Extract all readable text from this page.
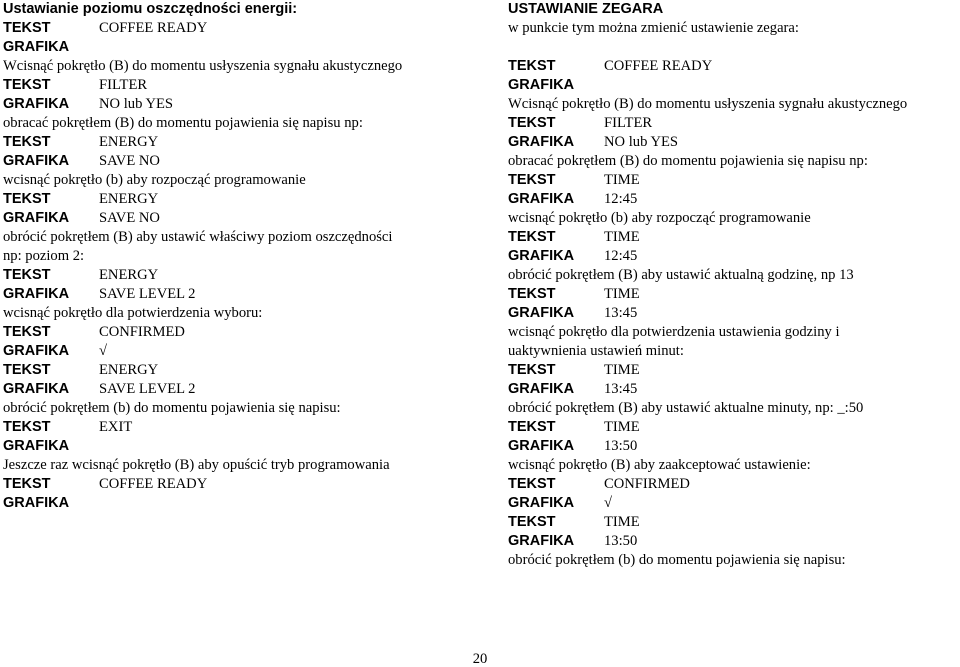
Ustawianie poziomu oszczędności energii:
TEKST	COFFEE READY
GRAFIKA
Wcisnąć pokrętło (B) do momentu usłyszenia sygnału akustycznego
TEKST	FILTER
GRAFIKA NO lub YES
obracać pokrętłem (B) do momentu pojawienia się napisu np:
TEKST	ENERGY
GRAFIKA SAVE NO
wcisnąć pokrętło (b) aby rozpocząć programowanie
TEKST	ENERGY
GRAFIKA SAVE NO
obrócić pokrętłem (B) aby ustawić właściwy poziom oszczędności
np: poziom 2:
TEKST	ENERGY
GRAFIKA SAVE LEVEL 2
wcisnąć pokrętło dla potwierdzenia wyboru:
TEKST	CONFIRMED
GRAFIKA √
TEKST	ENERGY
GRAFIKA SAVE LEVEL 2
obrócić pokrętłem (b) do momentu pojawienia się napisu:
TEKST	EXIT
GRAFIKA
Jeszcze raz wcisnąć pokrętło (B) aby opuścić tryb programowania
TEKST	COFFEE READY
GRAFIKA
USTAWIANIE ZEGARA
w punkcie tym można zmienić ustawienie zegara:
TEKST	COFFEE READY
GRAFIKA
Wcisnąć pokrętło (B) do momentu usłyszenia sygnału akustycznego
TEKST	FILTER
GRAFIKA NO lub YES
obracać pokrętłem (B) do momentu pojawienia się napisu np:
TEKST	TIME
GRAFIKA 12:45
wcisnąć pokrętło (b) aby rozpocząć programowanie
TEKST	TIME
GRAFIKA 12:45
obrócić pokrętłem (B) aby ustawić aktualną godzinę, np 13
TEKST	TIME
GRAFIKA 13:45
wcisnąć pokrętło dla potwierdzenia ustawienia godziny i
uaktywnienia ustawień minut:
TEKST	TIME
GRAFIKA 13:45
obrócić pokrętłem (B) aby ustawić aktualne minuty, np: _:50
TEKST	TIME
GRAFIKA 13:50
wcisnąć pokrętło (B) aby zaakceptować ustawienie:
TEKST	CONFIRMED
GRAFIKA √
TEKST	TIME
GRAFIKA 13:50
obrócić pokrętłem (b) do momentu pojawienia się napisu:
20
